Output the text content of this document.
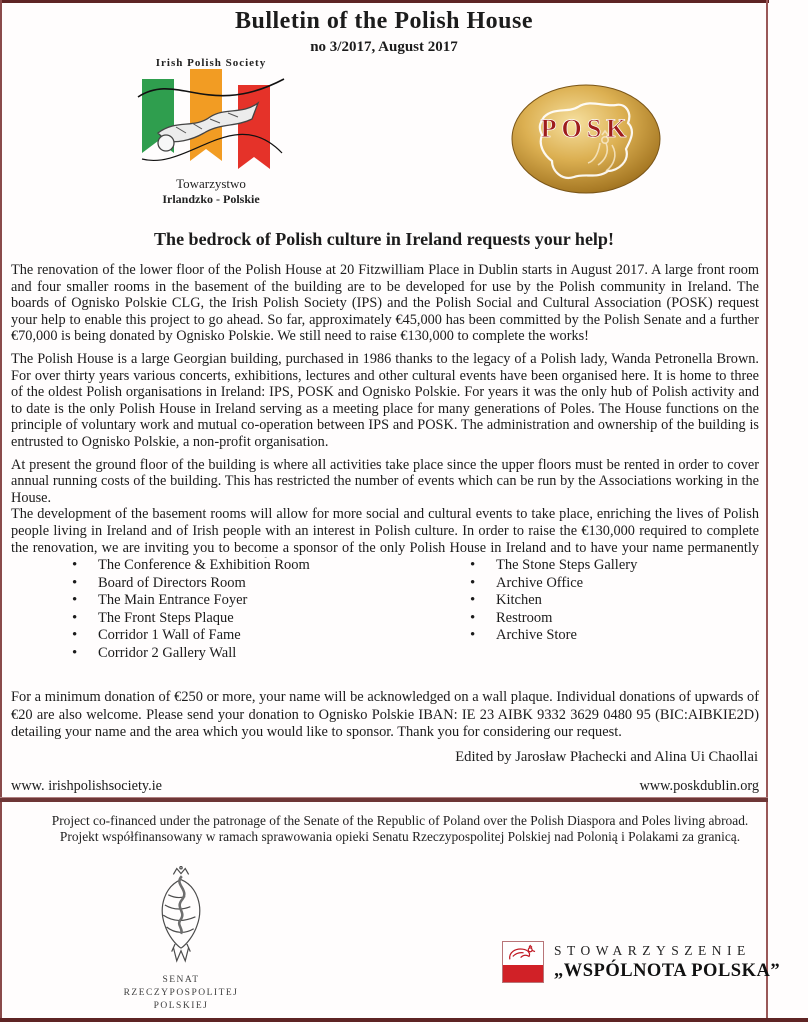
Bulletin of the Polish House
no 3/2017, August 2017
Irish Polish Society
Towarzystwo
Irlandzko - Polskie
POSK
The bedrock of Polish culture in Ireland requests your help!

The renovation of the lower floor of the Polish House at 20 Fitzwilliam Place in Dublin starts in August 2017. A large front room and four smaller rooms in the basement of the building are to be developed for use by the Polish community in Ireland. The boards of Ognisko Polskie CLG, the Irish Polish Society (IPS) and the Polish Social and Cultural Association (POSK) request your help to enable this project to go ahead. So far, approximately €45,000 has been committed by the Polish Senate and a further €70,000 is being donated by Ognisko Polskie. We still need to raise €130,000 to complete the works!

The Polish House is a large Georgian building, purchased in 1986 thanks to the legacy of a Polish lady, Wanda Petronella Brown. For over thirty years various concerts, exhibitions, lectures and other cultural events have been organised here. It is home to three of the oldest Polish organisations in Ireland: IPS, POSK and Ognisko Polskie. For years it was the only hub of Polish activity and to date is the only Polish House in Ireland serving as a meeting place for many generations of Poles. The House functions on the principle of voluntary work and mutual co-operation between IPS and POSK. The administration and ownership of the building is entrusted to Ognisko Polskie, a non-profit organisation.

At present the ground floor of the building is where all activities take place since the upper floors must be rented in order to cover annual running costs of the building. This has restricted the number of events which can be run by the Associations working in the House.

The development of the basement rooms will allow for more social and cultural events to take place, enriching the lives of Polish people living in Ireland and of Irish people with an interest in Polish culture. In order to raise the €130,000 required to complete the renovation, we are inviting you to become a sponsor of the only Polish House in Ireland and to have your name permanently

• The Conference & Exhibition Room
• Board of Directors Room
• The Main Entrance Foyer
• The Front Steps Plaque
• Corridor 1 Wall of Fame
• Corridor 2 Gallery Wall
• The Stone Steps Gallery
• Archive Office
• Kitchen
• Restroom
• Archive Store
For a minimum donation of €250 or more, your name will be acknowledged on a wall plaque. Individual donations of upwards of €20 are also welcome. Please send your donation to Ognisko Polskie IBAN: IE 23 AIBK 9332 3629 0480 95 (BIC:AIBKIE2D) detailing your name and the area which you would like to sponsor. Thank you for considering our request.
Edited by Jarosław Płachecki and Alina Ui Chaollai
www. irishpolishsociety.ie	www.poskdublin.org
Project co-financed under the patronage of the Senate of the Republic of Poland over the Polish Diaspora and Poles living abroad.
Projekt współfinansowany w ramach sprawowania opieki Senatu Rzeczypospolitej Polskiej nad Polonią i Polakami za granicą.
SENAT
RZECZYPOSPOLITEJ
POLSKIEJ
STOWARZYSZENIE
„WSPÓLNOTA POLSKA”
